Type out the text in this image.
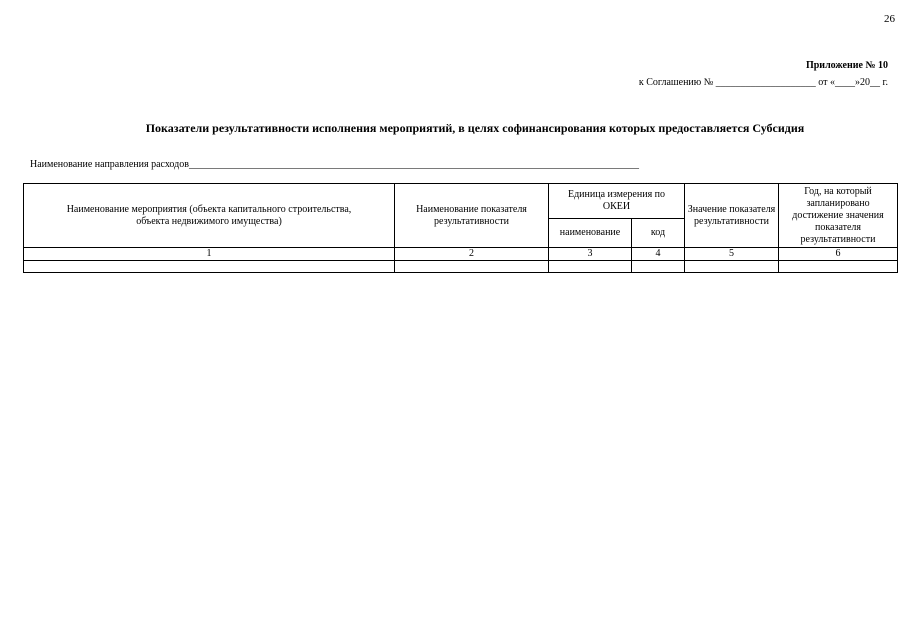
26
Приложение № 10
к Соглашению № ____________________ от «____»20__ г.
Показатели результативности исполнения мероприятий, в целях софинансирования которых предоставляется Субсидия
Наименование направления расходов__________________________________________________________________________________________
Наименование мероприятия (объекта капитального строительства, объекта недвижимого имущества)	Наименование показателя результативности	Единица измерения по ОКЕИ		Значение показателя результативности	Год, на который запланировано достижение значения показателя результативности
		наименование	код		
1	2	3	4	5	6
